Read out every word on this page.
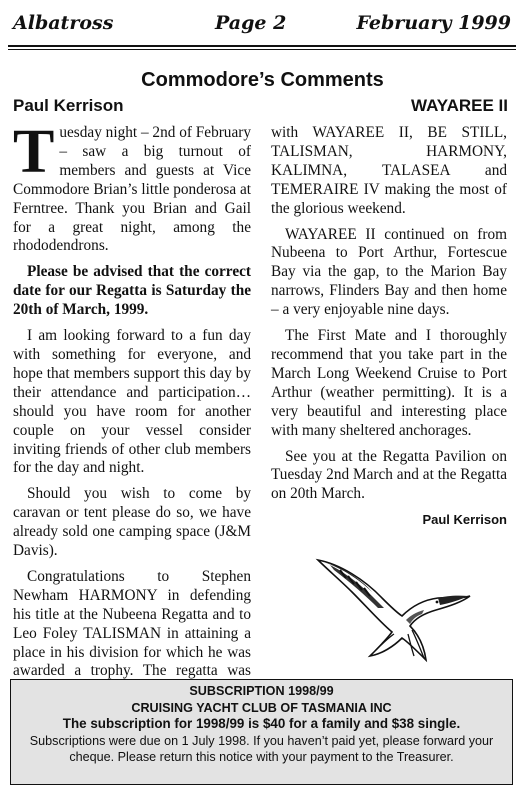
Albatross	Page 2	February 1999
Commodore’s Comments
Paul Kerrison	WAYAREE II

Tuesday night – 2nd of February – saw a big turnout of members and guests at Vice Commodore Brian’s little ponderosa at Ferntree. Thank you Brian and Gail for a great night, among the rhododendrons.

Please be advised that the correct date for our Regatta is Saturday the 20th of March, 1999.

I am looking forward to a fun day with something for everyone, and hope that members support this day by their attendance and participation… should you have room for another couple on your vessel consider inviting friends of other club members for the day and night.

Should you wish to come by caravan or tent please do so, we have already sold one camping space (J&M Davis).

Congratulations to Stephen Newham HARMONY in defending his title at the Nubeena Regatta and to Leo Foley TALISMAN in attaining a place in his division for which he was awarded a trophy. The regatta was

with WAYAREE II, BE STILL, TALISMAN, HARMONY, KALIMNA, TALASEA and TEMERAIRE IV making the most of the glorious weekend.

WAYAREE II continued on from Nubeena to Port Arthur, Fortescue Bay via the gap, to the Marion Bay narrows, Flinders Bay and then home – a very enjoyable nine days.

The First Mate and I thoroughly recommend that you take part in the March Long Weekend Cruise to Port Arthur (weather permitting). It is a very beautiful and interesting place with many sheltered anchorages.

See you at the Regatta Pavilion on Tuesday 2nd March and at the Regatta on 20th March.

Paul Kerrison
SUBSCRIPTION 1998/99
CRUISING YACHT CLUB OF TASMANIA INC
The subscription for 1998/99 is $40 for a family and $38 single.
Subscriptions were due on 1 July 1998. If you haven’t paid yet, please forward your cheque. Please return this notice with your payment to the Treasurer.
